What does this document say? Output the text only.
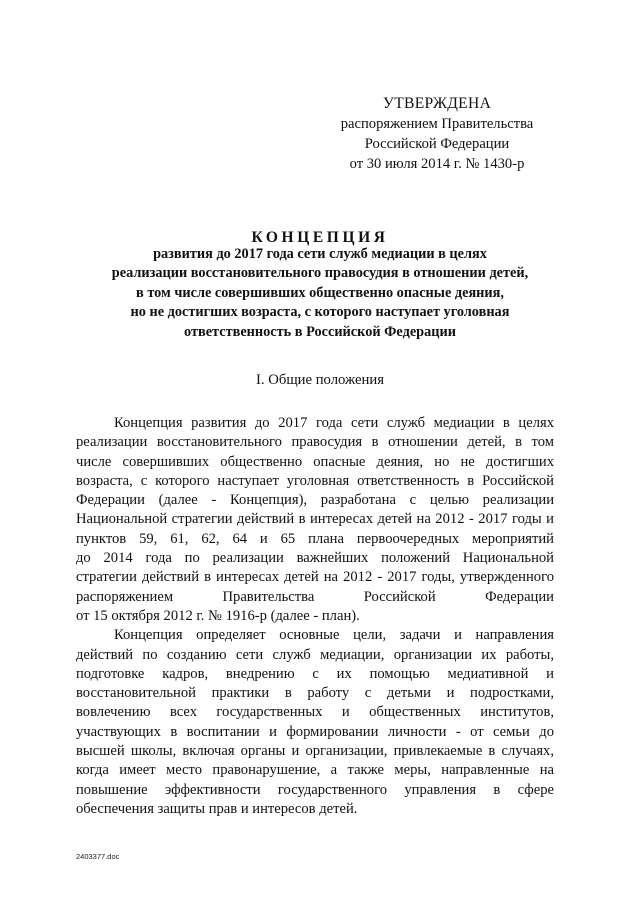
УТВЕРЖДЕНА
распоряжением Правительства
Российской Федерации
от 30 июля 2014 г. № 1430-р
КОНЦЕПЦИЯ
развития до 2017 года сети служб медиации в целях
реализации восстановительного правосудия в отношении детей,
в том числе совершивших общественно опасные деяния,
но не достигших возраста, с которого наступает уголовная
ответственность в Российской Федерации
I. Общие положения
Концепция развития до 2017 года сети служб медиации в целях
реализации восстановительного правосудия в отношении детей, в том
числе совершивших общественно опасные деяния, но не достигших
возраста, с которого наступает уголовная ответственность в Российской
Федерации (далее - Концепция), разработана с целью реализации
Национальной стратегии действий в интересах детей на 2012 - 2017 годы и
пунктов 59, 61, 62, 64 и 65 плана первоочередных мероприятий
до 2014 года по реализации важнейших положений Национальной
стратегии действий в интересах детей на 2012 - 2017 годы, утвержденного
распоряжением Правительства Российской Федерации
от 15 октября 2012 г. № 1916-р (далее - план).
Концепция определяет основные цели, задачи и направления
действий по созданию сети служб медиации, организации их работы,
подготовке кадров, внедрению с их помощью медиативной и
восстановительной практики в работу с детьми и подростками,
вовлечению всех государственных и общественных институтов,
участвующих в воспитании и формировании личности - от семьи до
высшей школы, включая органы и организации, привлекаемые в случаях,
когда имеет место правонарушение, а также меры, направленные на
повышение эффективности государственного управления в сфере
обеспечения защиты прав и интересов детей.
2403377.doc
